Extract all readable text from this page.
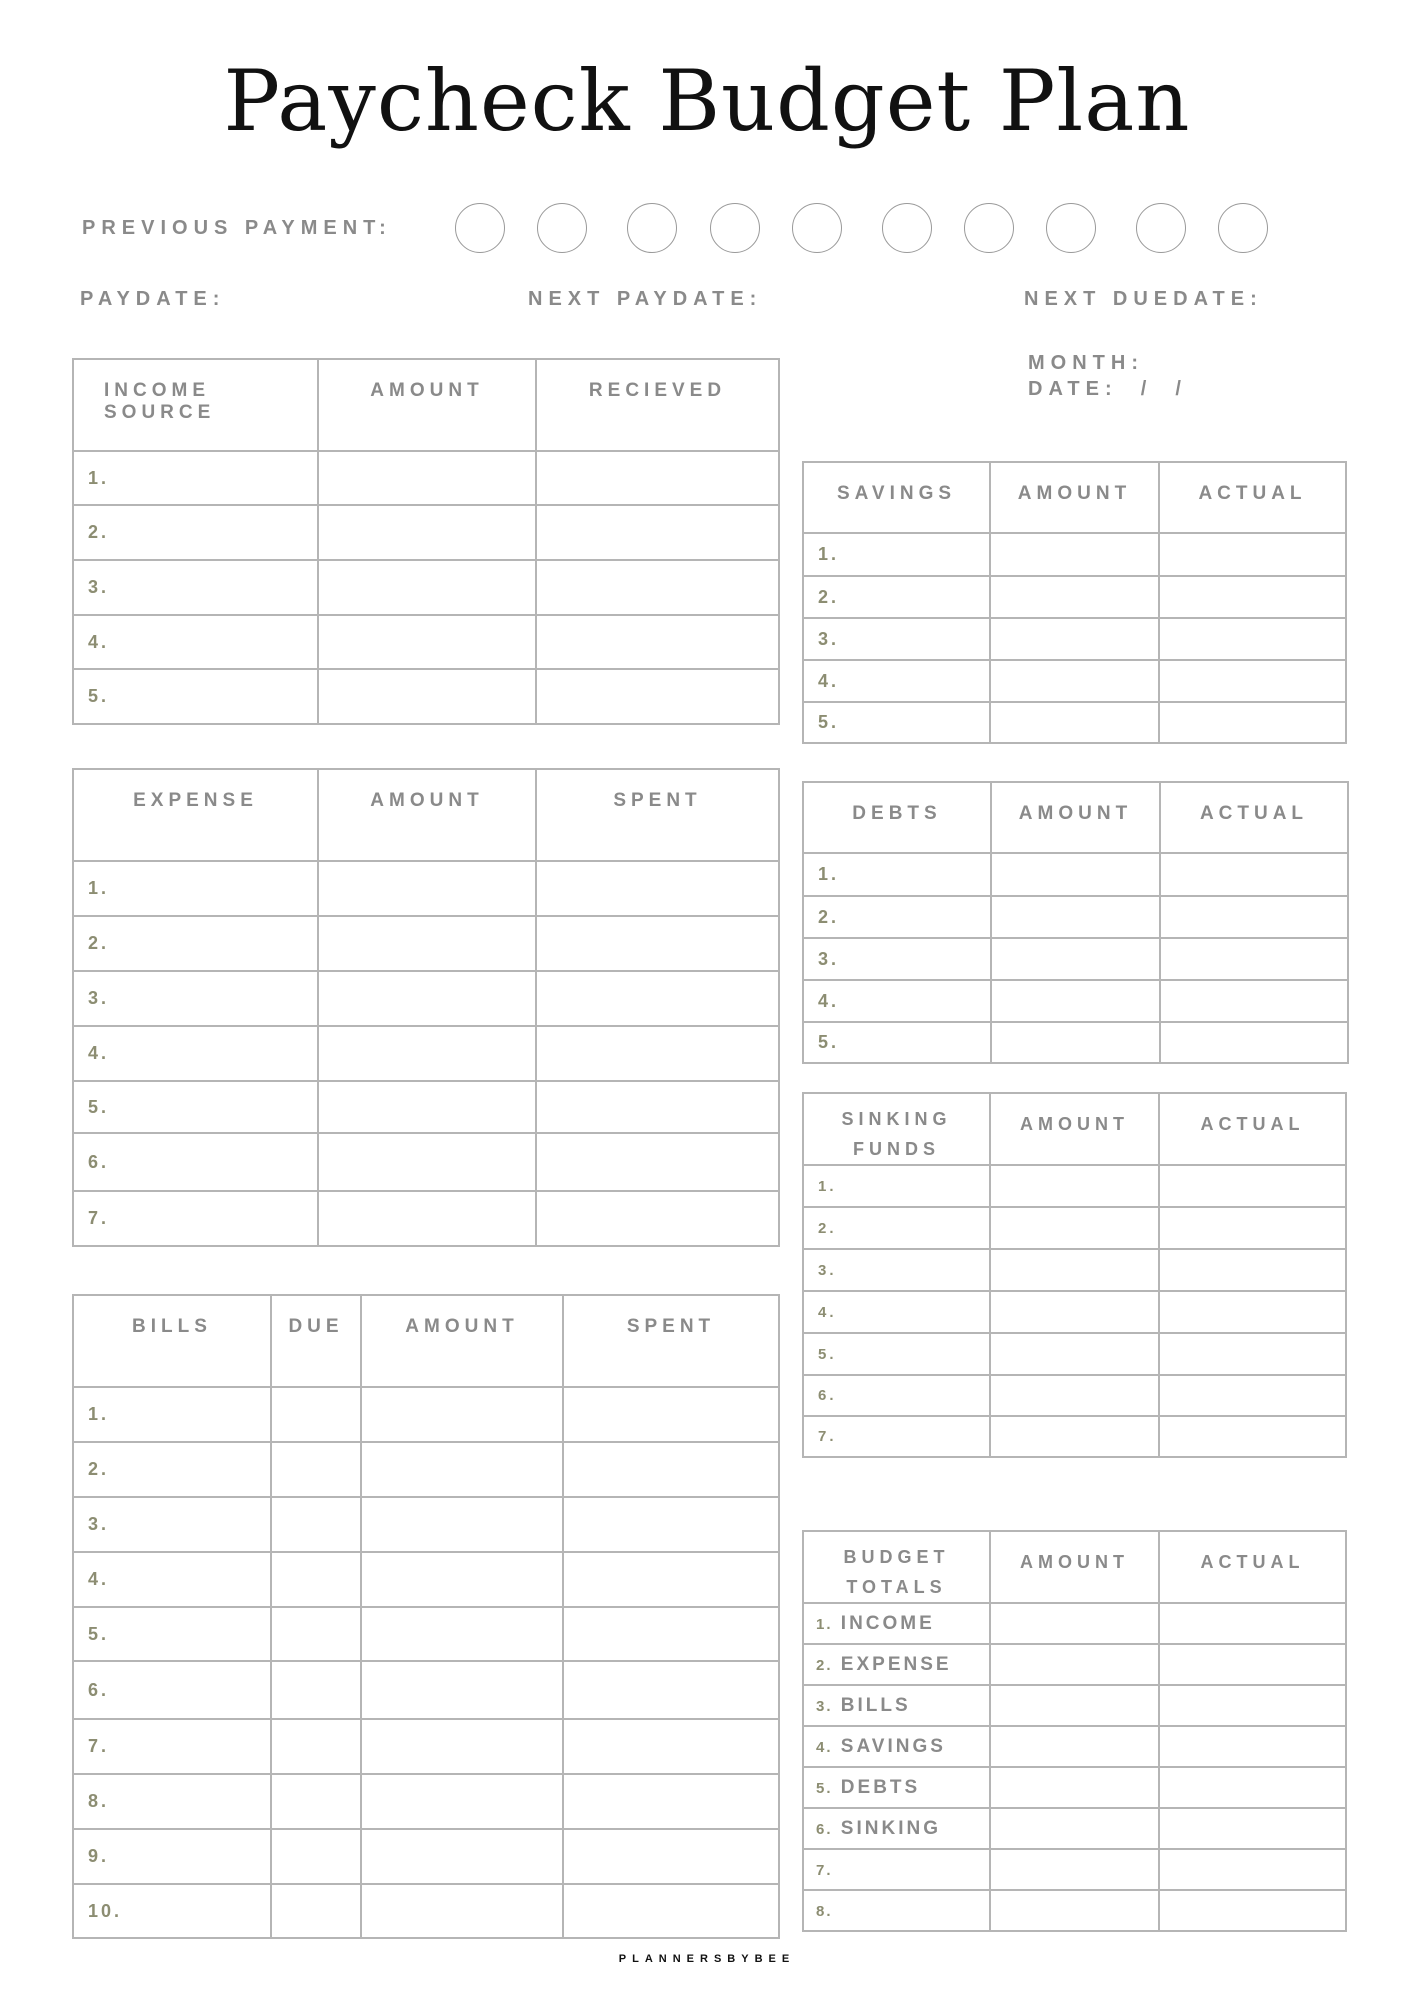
Paycheck Budget Plan
PREVIOUS PAYMENT:
PAYDATE:	NEXT PAYDATE:	NEXT DUEDATE:
MONTH:
DATE:  /  /
INCOME SOURCE	AMOUNT	RECIEVED
1.		
2.		
3.		
4.		
5.		
EXPENSE	AMOUNT	SPENT
1.		
2.		
3.		
4.		
5.		
6.		
7.		
BILLS	DUE	AMOUNT	SPENT
1.			
2.			
3.			
4.			
5.			
6.			
7.			
8.			
9.			
10.			
SAVINGS	AMOUNT	ACTUAL
1.		
2.		
3.		
4.		
5.		
DEBTS	AMOUNT	ACTUAL
1.		
2.		
3.		
4.		
5.		
SINKING FUNDS	AMOUNT	ACTUAL
1.		
2.		
3.		
4.		
5.		
6.		
7.		
BUDGET TOTALS	AMOUNT	ACTUAL
1. INCOME		
2. EXPENSE		
3. BILLS		
4. SAVINGS		
5. DEBTS		
6. SINKING		
7.		
8.		
PLANNERSBYBEE
